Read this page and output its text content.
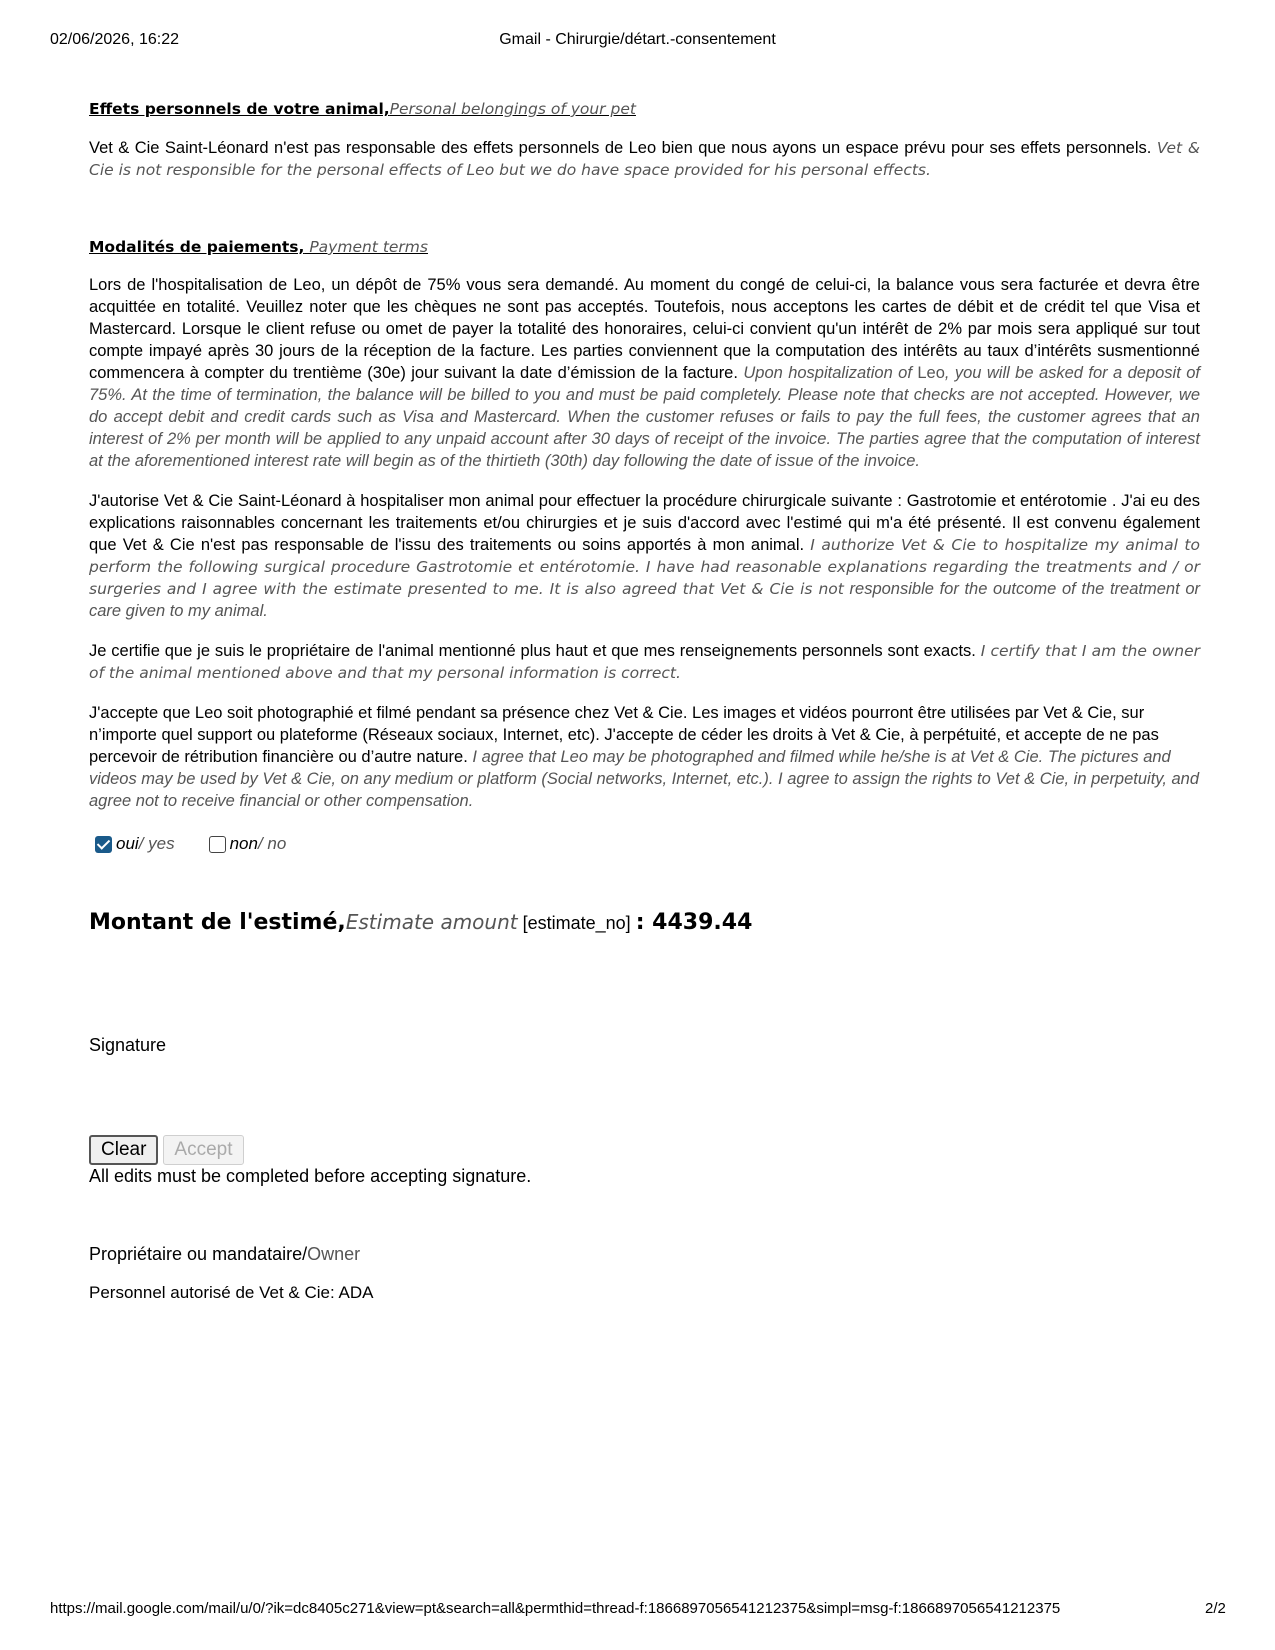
02/06/2026, 16:22	Gmail - Chirurgie/détart.-consentement

Effets personnels de votre animal,Personal belongings of your pet

Vet & Cie Saint-Léonard n'est pas responsable des effets personnels de Leo bien que nous ayons un espace prévu pour ses effets personnels. Vet & Cie is not responsible for the personal effects of Leo but we do have space provided for his personal effects.

Modalités de paiements, Payment terms

Lors de l'hospitalisation de Leo, un dépôt de 75% vous sera demandé. Au moment du congé de celui-ci, la balance vous sera facturée et devra être acquittée en totalité. Veuillez noter que les chèques ne sont pas acceptés. Toutefois, nous acceptons les cartes de débit et de crédit tel que Visa et Mastercard. Lorsque le client refuse ou omet de payer la totalité des honoraires, celui-ci convient qu'un intérêt de 2% par mois sera appliqué sur tout compte impayé après 30 jours de la réception de la facture. Les parties conviennent que la computation des intérêts au taux d’intérêts susmentionné commencera à compter du trentième (30e) jour suivant la date d’émission de la facture. Upon hospitalization of Leo, you will be asked for a deposit of 75%. At the time of termination, the balance will be billed to you and must be paid completely. Please note that checks are not accepted. However, we do accept debit and credit cards such as Visa and Mastercard. When the customer refuses or fails to pay the full fees, the customer agrees that an interest of 2% per month will be applied to any unpaid account after 30 days of receipt of the invoice. The parties agree that the computation of interest at the aforementioned interest rate will begin as of the thirtieth (30th) day following the date of issue of the invoice.

J'autorise Vet & Cie Saint-Léonard à hospitaliser mon animal pour effectuer la procédure chirurgicale suivante : Gastrotomie et entérotomie . J'ai eu des explications raisonnables concernant les traitements et/ou chirurgies et je suis d'accord avec l'estimé qui m'a été présenté. Il est convenu également que Vet & Cie n'est pas responsable de l'issu des traitements ou soins apportés à mon animal. I authorize Vet & Cie to hospitalize my animal to perform the following surgical procedure Gastrotomie et entérotomie. I have had reasonable explanations regarding the treatments and / or surgeries and I agree with the estimate presented to me. It is also agreed that Vet & Cie is not responsible for the outcome of the treatment or care given to my animal.

Je certifie que je suis le propriétaire de l'animal mentionné plus haut et que mes renseignements personnels sont exacts. I certify that I am the owner of the animal mentioned above and that my personal information is correct.

J'accepte que Leo soit photographié et filmé pendant sa présence chez Vet & Cie. Les images et vidéos pourront être utilisées par Vet & Cie, sur n’importe quel support ou plateforme (Réseaux sociaux, Internet, etc). J'accepte de céder les droits à Vet & Cie, à perpétuité, et accepte de ne pas percevoir de rétribution financière ou d’autre nature. I agree that Leo may be photographed and filmed while he/she is at Vet & Cie. The pictures and videos may be used by Vet & Cie, on any medium or platform (Social networks, Internet, etc.). I agree to assign the rights to Vet & Cie, in perpetuity, and agree not to receive financial or other compensation.

oui / yes	non / no
Montant de l'estimé,Estimate amount [estimate_no] : 4439.44
Signature
Clear	Accept
All edits must be completed before accepting signature.
Propriétaire ou mandataire/Owner
Personnel autorisé de Vet & Cie: ADA
https://mail.google.com/mail/u/0/?ik=dc8405c271&view=pt&search=all&permthid=thread-f:1866897056541212375&simpl=msg-f:1866897056541212375	2/2
